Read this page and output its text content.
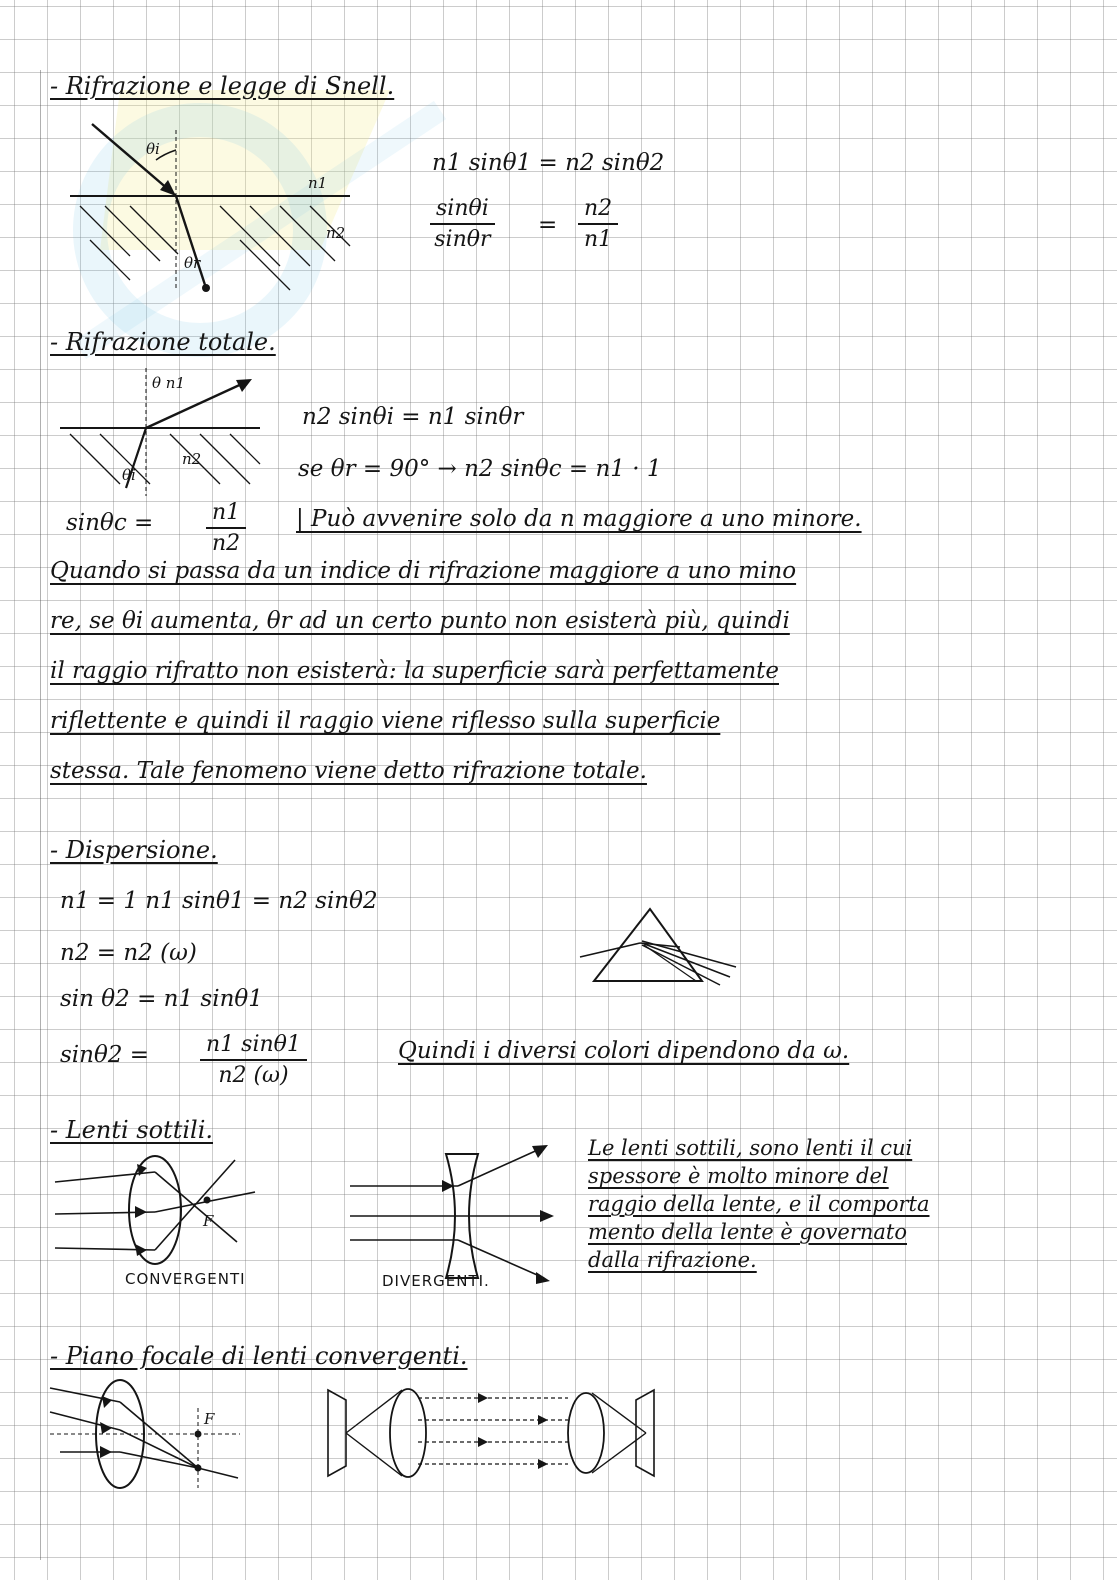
- Rifrazione e legge di Snell.
θi
θr
n1
n2
n1 sinθ1 = n2 sinθ2
$\frac{\sin\theta i}{\sin\theta r} = \frac{n2}{n1}$
- Rifrazione totale.
θ n1
n2
θi
n2 sinθi = n1 sinθr
se θr = 90° → n2 sinθc = n1 · 1
$\sin\theta c = \frac{n1}{n2}$ | Può avvenire solo da n maggiore a uno minore.
Quando si passa da un indice di rifrazione maggiore a uno mino
re, se θi aumenta, θr ad un certo punto non esisterà più, quindi
il raggio rifratto non esisterà: la superficie sarà perfettamente
riflettente e quindi il raggio viene riflesso sulla superficie
stessa. Tale fenomeno viene detto rifrazione totale.
- Dispersione.
n1 = 1 n1 sinθ1 = n2 sinθ2
n2 = n2 (ω)
sin θ2 = n1 sinθ1
$\sin\theta 2 = \frac{n1 \sin\theta 1}{n2 (\omega)}$	Quindi i diversi colori dipendono da ω.
- Lenti sottili.
F
CONVERGENTI	DIVERGENTI.
Le lenti sottili, sono lenti il cui
spessore è molto minore del
raggio della lente, e il comporta
mento della lente è governato
dalla rifrazione.
- Piano focale di lenti convergenti.
F
